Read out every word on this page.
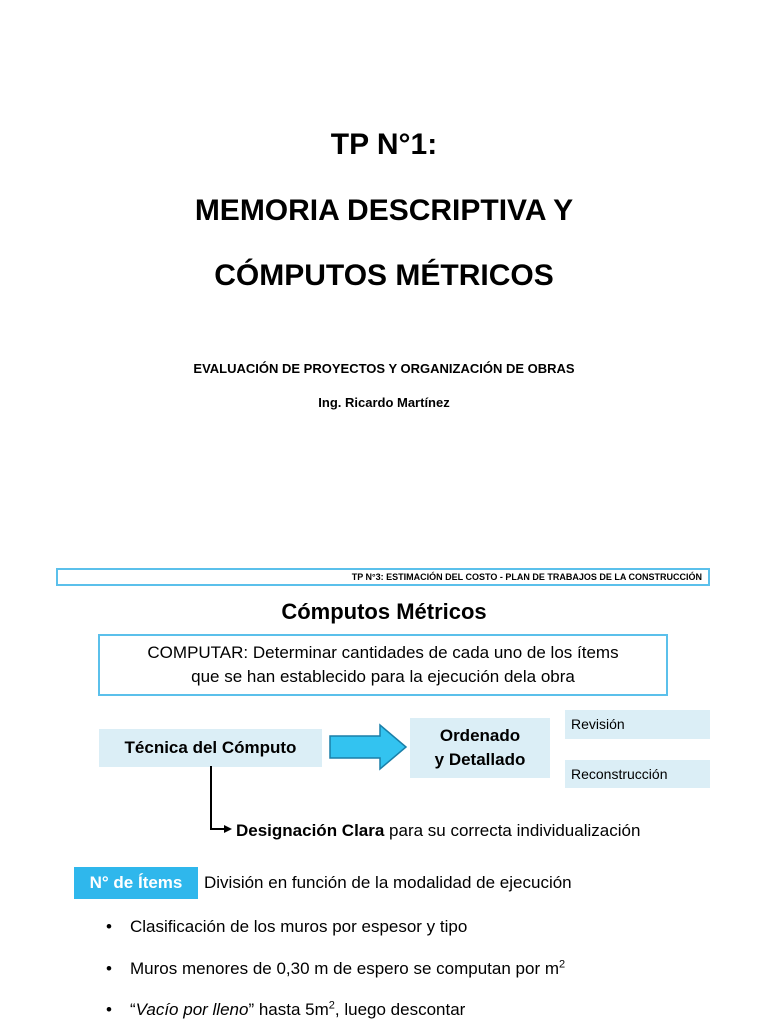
TP N°1:
MEMORIA DESCRIPTIVA Y
CÓMPUTOS MÉTRICOS
EVALUACIÓN DE PROYECTOS Y ORGANIZACIÓN DE OBRAS
Ing. Ricardo Martínez
TP N°3: ESTIMACIÓN DEL COSTO - PLAN DE TRABAJOS DE LA CONSTRUCCIÓN
Cómputos Métricos
COMPUTAR: Determinar cantidades de cada uno de los ítems
que se han establecido para la ejecución dela obra
Técnica del Cómputo
Ordenado
y Detallado
Revisión
Reconstrucción
Designación Clara para su correcta individualización
N° de Ítems	División en función de la modalidad de ejecución
• Clasificación de los muros por espesor y tipo
• Muros menores de 0,30 m de espero se computan por $m^2$
• “Vacío por lleno” hasta $5m^2$, luego descontar
